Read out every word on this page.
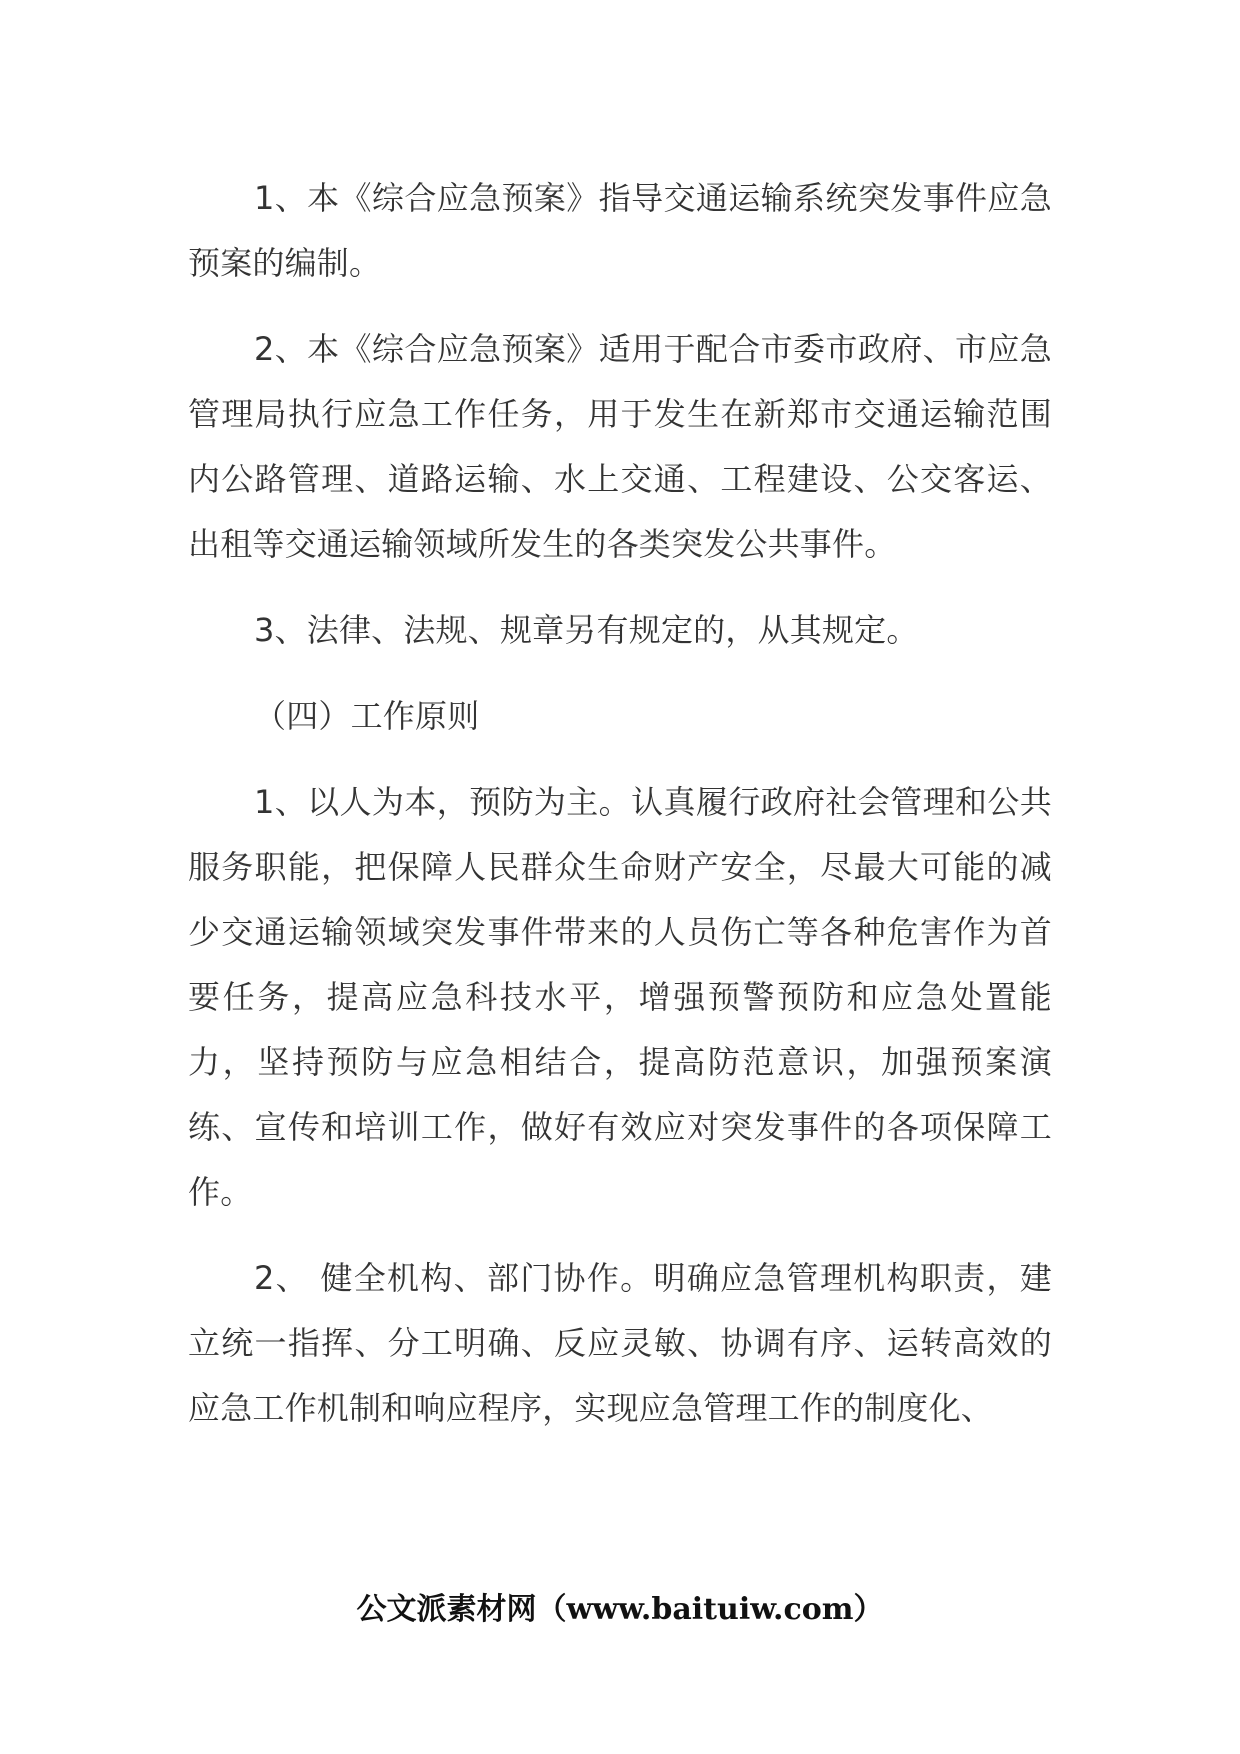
1、本《综合应急预案》指导交通运输系统突发事件应急预案的编制。

2、本《综合应急预案》适用于配合市委市政府、市应急管理局执行应急工作任务，用于发生在新郑市交通运输范围内公路管理、道路运输、水上交通、工程建设、公交客运、出租等交通运输领域所发生的各类突发公共事件。

3、法律、法规、规章另有规定的，从其规定。

（四）工作原则

1、以人为本，预防为主。认真履行政府社会管理和公共服务职能，把保障人民群众生命财产安全，尽最大可能的减少交通运输领域突发事件带来的人员伤亡等各种危害作为首要任务，提高应急科技水平，增强预警预防和应急处置能力，坚持预防与应急相结合，提高防范意识，加强预案演练、宣传和培训工作，做好有效应对突发事件的各项保障工作。

2、 健全机构、部门协作。明确应急管理机构职责，建立统一指挥、分工明确、反应灵敏、协调有序、运转高效的应急工作机制和响应程序，实现应急管理工作的制度化、

公文派素材网（www.baituiw.com）
